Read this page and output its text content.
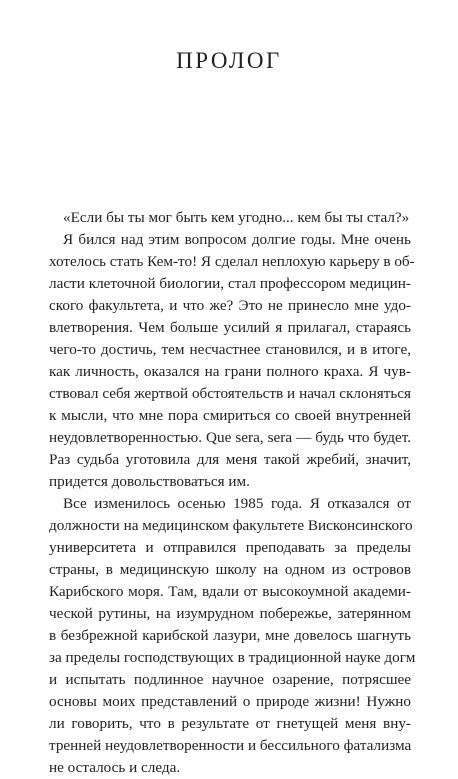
ПРОЛОГ
«Если бы ты мог быть кем угодно... кем бы ты стал?»
Я бился над этим вопросом долгие годы. Мне очень
хотелось стать Кем-то! Я сделал неплохую карьеру в об-
ласти клеточной биологии, стал профессором медицин-
ского факультета, и что же? Это не принесло мне удо-
влетворения. Чем больше усилий я прилагал, стараясь
чего-то достичь, тем несчастнее становился, и в итоге,
как личность, оказался на грани полного краха. Я чув-
ствовал себя жертвой обстоятельств и начал склоняться
к мысли, что мне пора смириться со своей внутренней
неудовлетворенностью. Que sera, sera — будь что будет.
Раз судьба уготовила для меня такой жребий, значит,
придется довольствоваться им.
Все изменилось осенью 1985 года. Я отказался от
должности на медицинском факультете Висконсинского
университета и отправился преподавать за пределы
страны, в медицинскую школу на одном из островов
Карибского моря. Там, вдали от высокоумной академи-
ческой рутины, на изумрудном побережье, затерянном
в безбрежной карибской лазури, мне довелось шагнуть
за пределы господствующих в традиционной науке догм
и испытать подлинное научное озарение, потрясшее
основы моих представлений о природе жизни! Нужно
ли говорить, что в результате от гнетущей меня вну-
тренней неудовлетворенности и бессильного фатализма
не осталось и следа.
